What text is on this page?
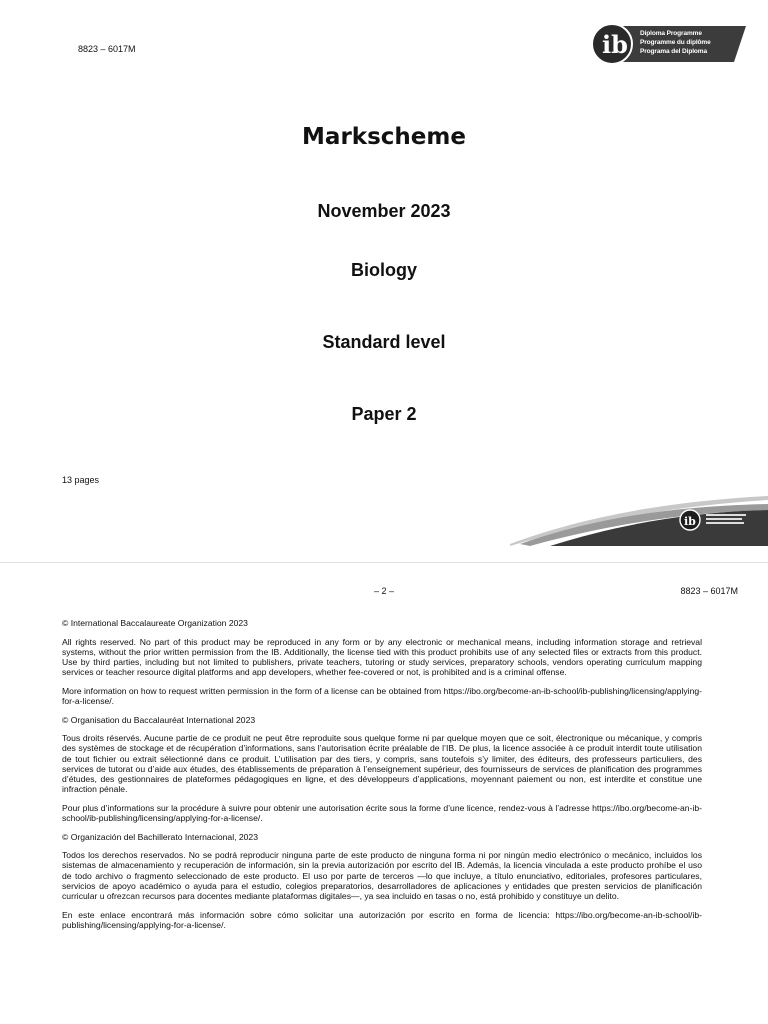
8823 – 6017M	ib Diploma Programme
Programme du diplôme
Programa del Diploma
Markscheme
November 2023
Biology
Standard level
Paper 2
13 pages
ib
– 2 –	8823 – 6017M

© International Baccalaureate Organization 2023

All rights reserved. No part of this product may be reproduced in any form or by any electronic or mechanical means, including information storage and retrieval systems, without the prior written permission from the IB. Additionally, the license tied with this product prohibits use of any selected files or extracts from this product. Use by third parties, including but not limited to publishers, private teachers, tutoring or study services, preparatory schools, vendors operating curriculum mapping services or teacher resource digital platforms and app developers, whether fee-covered or not, is prohibited and is a criminal offense.

More information on how to request written permission in the form of a license can be obtained from https://ibo.org/become-an-ib-school/ib-publishing/licensing/applying-for-a-license/.

© Organisation du Baccalauréat International 2023

Tous droits réservés. Aucune partie de ce produit ne peut être reproduite sous quelque forme ni par quelque moyen que ce soit, électronique ou mécanique, y compris des systèmes de stockage et de récupération d’informations, sans l’autorisation écrite préalable de l’IB. De plus, la licence associée à ce produit interdit toute utilisation de tout fichier ou extrait sélectionné dans ce produit. L’utilisation par des tiers, y compris, sans toutefois s’y limiter, des éditeurs, des professeurs particuliers, des services de tutorat ou d’aide aux études, des établissements de préparation à l’enseignement supérieur, des fournisseurs de services de planification des programmes d’études, des gestionnaires de plateformes pédagogiques en ligne, et des développeurs d’applications, moyennant paiement ou non, est interdite et constitue une infraction pénale.

Pour plus d’informations sur la procédure à suivre pour obtenir une autorisation écrite sous la forme d’une licence, rendez-vous à l’adresse https://ibo.org/become-an-ib-school/ib-publishing/licensing/applying-for-a-license/.

© Organización del Bachillerato Internacional, 2023

Todos los derechos reservados. No se podrá reproducir ninguna parte de este producto de ninguna forma ni por ningún medio electrónico o mecánico, incluidos los sistemas de almacenamiento y recuperación de información, sin la previa autorización por escrito del IB. Además, la licencia vinculada a este producto prohíbe el uso de todo archivo o fragmento seleccionado de este producto. El uso por parte de terceros —lo que incluye, a título enunciativo, editoriales, profesores particulares, servicios de apoyo académico o ayuda para el estudio, colegios preparatorios, desarrolladores de aplicaciones y entidades que presten servicios de planificación curricular u ofrezcan recursos para docentes mediante plataformas digitales—, ya sea incluido en tasas o no, está prohibido y constituye un delito.

En este enlace encontrará más información sobre cómo solicitar una autorización por escrito en forma de licencia: https://ibo.org/become-an-ib-school/ib-publishing/licensing/applying-for-a-license/.
